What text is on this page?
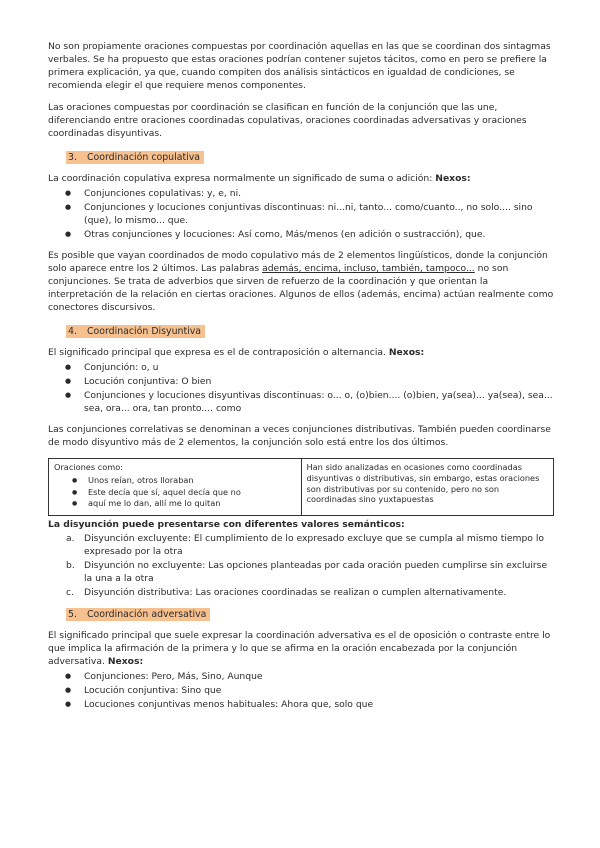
No son propiamente oraciones compuestas por coordinación aquellas en las que se coordinan dos sintagmas verbales. Se ha propuesto que estas oraciones podrían contener sujetos tácitos, como en pero se prefiere la primera explicación, ya que, cuando compiten dos análisis sintácticos en igualdad de condiciones, se recomienda elegir el que requiere menos componentes.

Las oraciones compuestas por coordinación se clasifican en función de la conjunción que las une, diferenciando entre oraciones coordinadas copulativas, oraciones coordinadas adversativas y oraciones coordinadas disyuntivas.

3. Coordinación copulativa

La coordinación copulativa expresa normalmente un significado de suma o adición: Nexos:

● Conjunciones copulativas: y, e, ni.
● Conjunciones y locuciones conjuntivas discontinuas: ni...ni, tanto... como/cuanto.., no solo.... sino (que), lo mismo... que.
● Otras conjunciones y locuciones: Así como, Más/menos (en adición o sustracción), que.

Es posible que vayan coordinados de modo copulativo más de 2 elementos lingüísticos, donde la conjunción solo aparece entre los 2 últimos. Las palabras además, encima, incluso, también, tampoco... no son conjunciones. Se trata de adverbios que sirven de refuerzo de la coordinación y que orientan la interpretación de la relación en ciertas oraciones. Algunos de ellos (además, encima) actúan realmente como conectores discursivos.

4. Coordinación Disyuntiva

El significado principal que expresa es el de contraposición o alternancia. Nexos:

● Conjunción: o, u
● Locución conjuntiva: O bien
● Conjunciones y locuciones disyuntivas discontinuas: o... o, (o)bien.... (o)bien, ya(sea)... ya(sea), sea... sea, ora... ora, tan pronto.... como

Las conjunciones correlativas se denominan a veces conjunciones distributivas. También pueden coordinarse de modo disyuntivo más de 2 elementos, la conjunción solo está entre los dos últimos.

Oraciones como:
● Unos reían, otros lloraban
● Este decía que sí, aquel decía que no
● aquí me lo dan, allí me lo quitan
	Han sido analizadas en ocasiones como coordinadas disyuntivas o distributivas, sin embargo, estas oraciones son distributivas por su contenido, pero no son coordinadas sino yuxtapuestas
La disyunción puede presentarse con diferentes valores semánticos:
a. Disyunción excluyente: El cumplimiento de lo expresado excluye que se cumpla al mismo tiempo lo expresado por la otra
b. Disyunción no excluyente: Las opciones planteadas por cada oración pueden cumplirse sin excluirse la una a la otra
c. Disyunción distributiva: Las oraciones coordinadas se realizan o cumplen alternativamente.
5. Coordinación adversativa

El significado principal que suele expresar la coordinación adversativa es el de oposición o contraste entre lo que implica la afirmación de la primera y lo que se afirma en la oración encabezada por la conjunción adversativa. Nexos:

● Conjunciones: Pero, Más, Sino, Aunque
● Locución conjuntiva: Sino que
● Locuciones conjuntivas menos habituales: Ahora que, solo que
